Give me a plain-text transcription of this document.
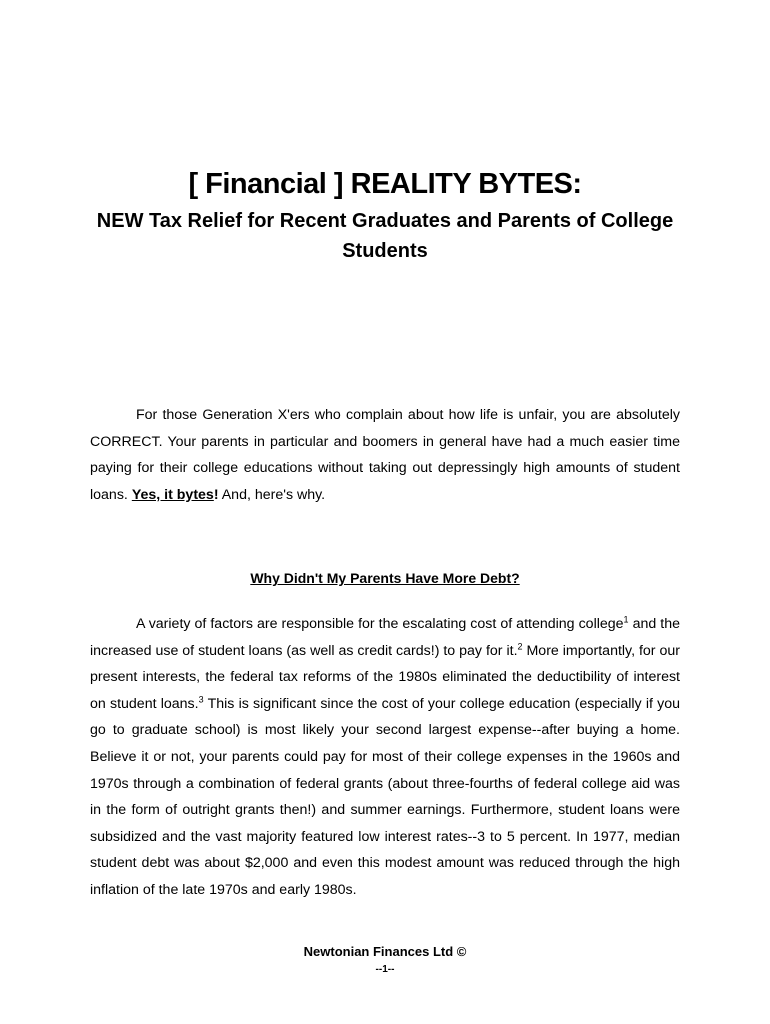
[ Financial ] REALITY BYTES:
NEW Tax Relief for Recent Graduates and Parents of College Students

For those Generation X'ers who complain about how life is unfair, you are absolutely CORRECT. Your parents in particular and boomers in general have had a much easier time paying for their college educations without taking out depressingly high amounts of student loans. Yes, it bytes! And, here's why.

Why Didn't My Parents Have More Debt?

A variety of factors are responsible for the escalating cost of attending college$^1$ and the increased use of student loans (as well as credit cards!) to pay for it.$^2$ More importantly, for our present interests, the federal tax reforms of the 1980s eliminated the deductibility of interest on student loans.$^3$ This is significant since the cost of your college education (especially if you go to graduate school) is most likely your second largest expense--after buying a home. Believe it or not, your parents could pay for most of their college expenses in the 1960s and 1970s through a combination of federal grants (about three-fourths of federal college aid was in the form of outright grants then!) and summer earnings. Furthermore, student loans were subsidized and the vast majority featured low interest rates--3 to 5 percent. In 1977, median student debt was about $2,000 and even this modest amount was reduced through the high inflation of the late 1970s and early 1980s.

Newtonian Finances Ltd ©
--1--
